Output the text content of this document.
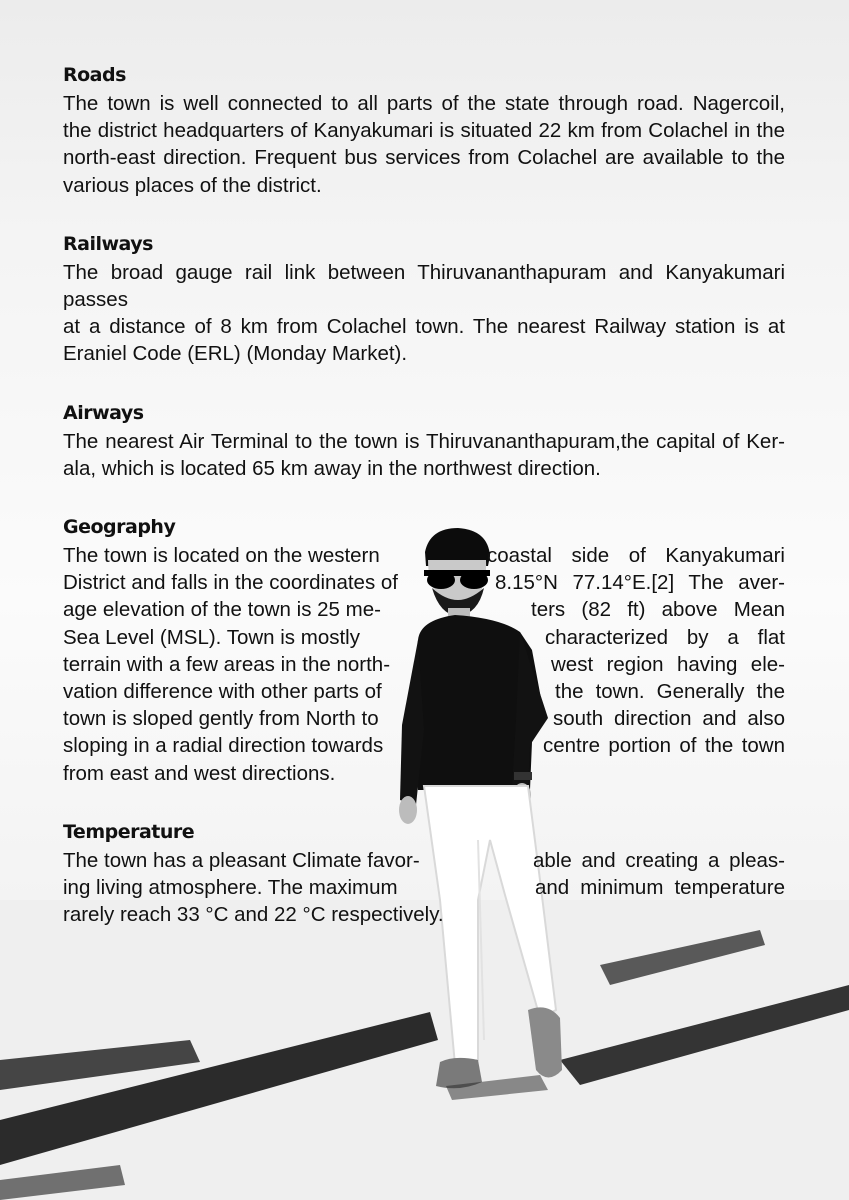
Roads

The town is well connected to all parts of the state through road. Nagercoil,

the district headquarters of Kanyakumari is situated 22 km from Colachel in the

north-east direction. Frequent bus services from Colachel are available to the

various places of the district.

Railways

The broad gauge rail link between Thiruvananthapuram and Kanyakumari passes

at a distance of 8 km from Colachel town. The nearest Railway station is at

Eraniel Code (ERL) (Monday Market).

Airways

The nearest Air Terminal to the town is Thiruvananthapuram,the capital of Ker-

ala, which is located 65 km away in the northwest direction.

Geography
The town is located on the western	coastal side of Kanyakumari
District and falls in the coordinates of	8.15°N 77.14°E.[2] The aver-
age elevation of the town is 25 me-	ters (82 ft) above Mean
Sea Level (MSL). Town is mostly	characterized by a flat
terrain with a few areas in the north-	west region having ele-
vation difference with other parts of	the town. Generally the
town is sloped gently from North to	south direction and also
sloping in a radial direction towards	centre portion of the town

from east and west directions.

Temperature
The town has a pleasant Climate favor-	able and creating a pleas-
ing living atmosphere. The maximum	and minimum temperature

rarely reach 33 °C and 22 °C respectively.
